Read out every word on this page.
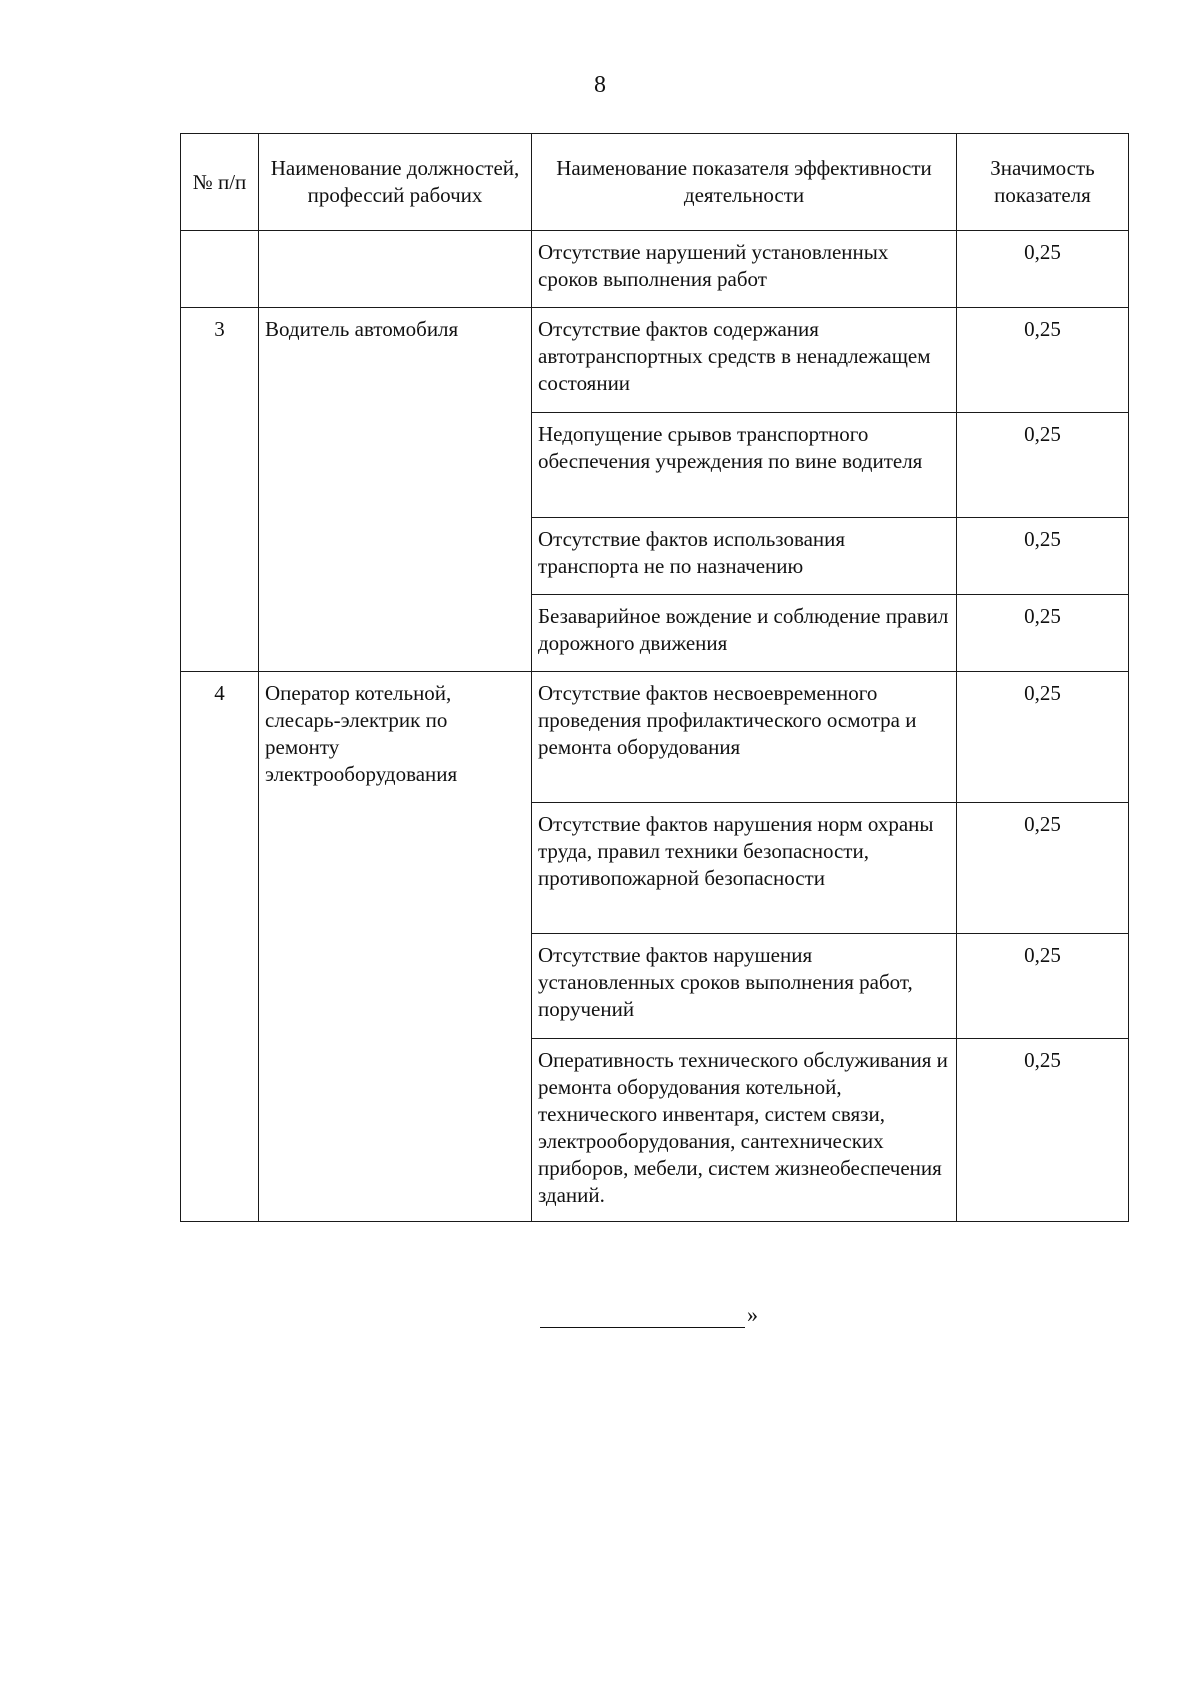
8
№ п/п	Наименование должностей, профессий рабочих	Наименование показателя эффективности деятельности	Значимость показателя
		Отсутствие нарушений установленных сроков выполнения работ	0,25
3	Водитель автомобиля	Отсутствие фактов содержания автотранспортных средств в ненадлежащем состоянии	0,25
		Недопущение срывов транспортного обеспечения учреждения по вине водителя	0,25
		Отсутствие фактов использования транспорта не по назначению	0,25
		Безаварийное вождение и соблюдение правил дорожного движения	0,25
4	Оператор котельной, слесарь-электрик по ремонту электрооборудования	Отсутствие фактов несвоевременного проведения профилактического осмотра и ремонта оборудования	0,25
		Отсутствие фактов нарушения норм охраны труда, правил техники безопасности, противопожарной безопасности	0,25
		Отсутствие фактов нарушения установленных сроков выполнения работ, поручений	0,25
		Оперативность технического обслуживания и ремонта оборудования котельной, технического инвентаря, систем связи, электрооборудования, сантехнических приборов, мебели, систем жизнеобеспечения зданий.	0,25
»
